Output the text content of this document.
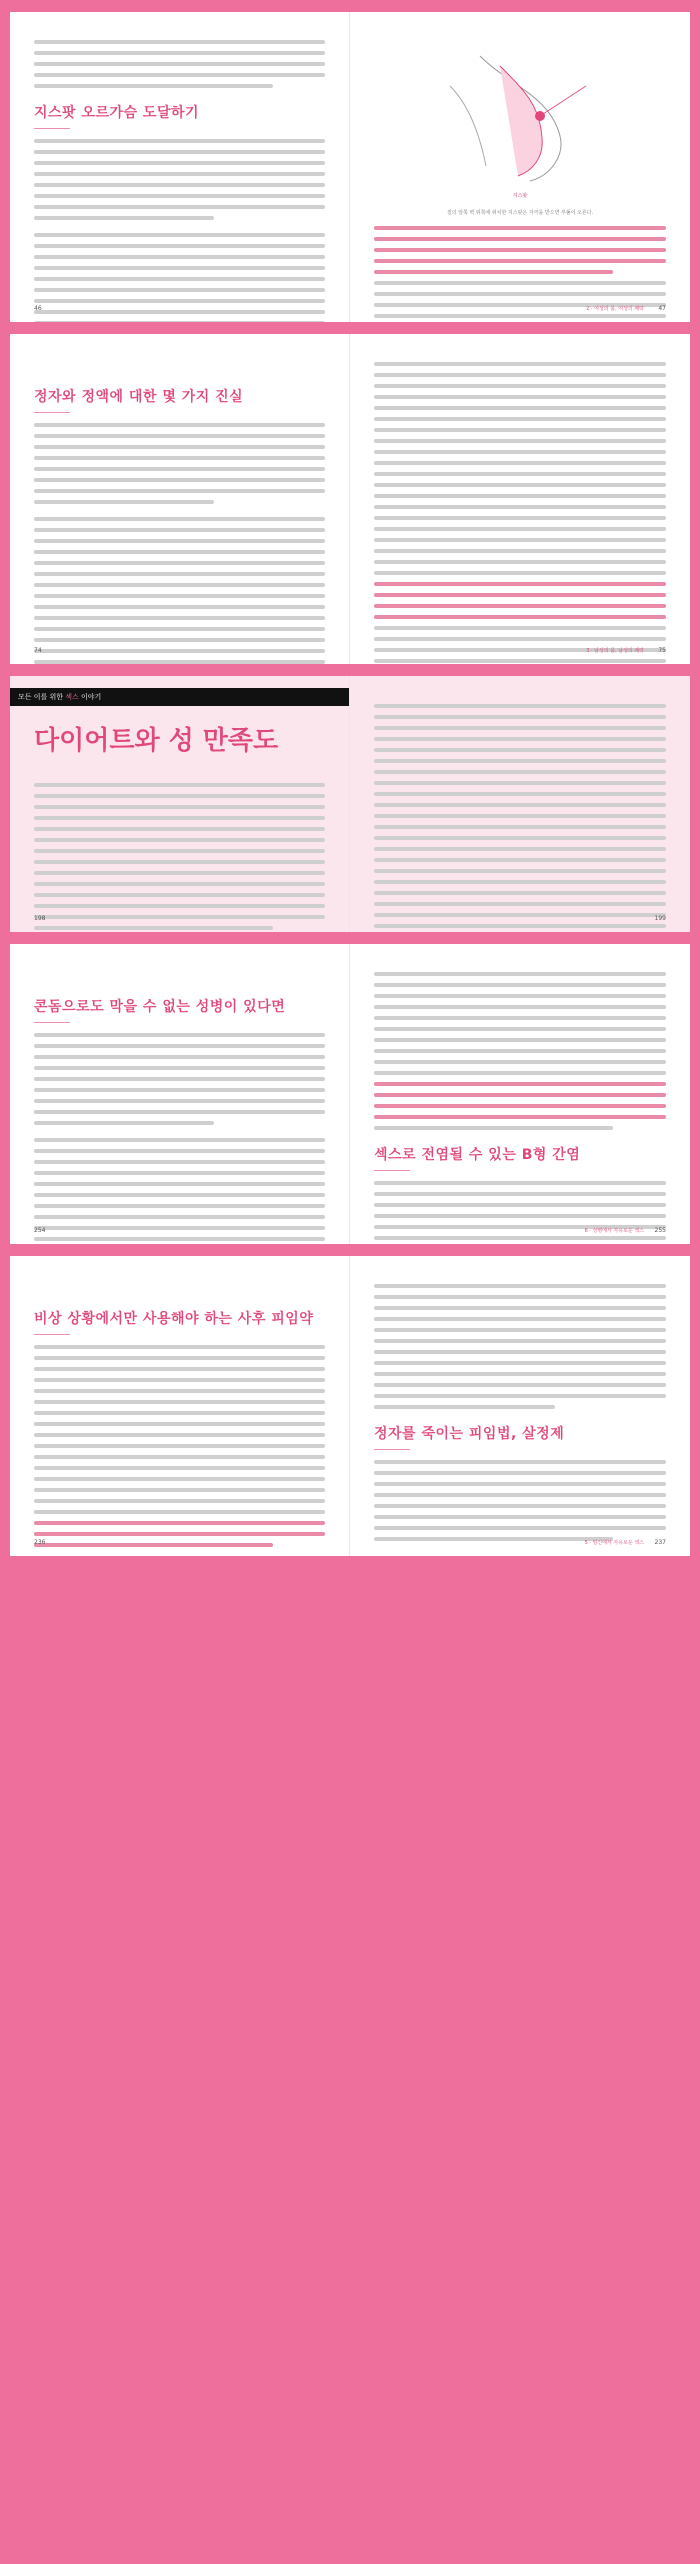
지스팟 오르가슴 도달하기
46
지스팟
질의 앞쪽 벽 위쪽에 위치한 지스팟은 자극을 받으면 부풀어 오른다.
2 · 여성의 몸, 여성의 쾌락 47
정자와 정액에 대한 몇 가지 진실
74	3 · 남성의 몸, 남성의 쾌락 75
모든 이를 위한 섹스 이야기
다이어트와 성 만족도
198	199
콘돔으로도 막을 수 없는 성병이 있다면
254
섹스로 전염될 수 있는 B형 간염
6 · 성병에서 자유로운 섹스 255
비상 상황에서만 사용해야 하는 사후 피임약
236
정자를 죽이는 피임법, 살정제
5 · 임신에서 자유로운 섹스 237
